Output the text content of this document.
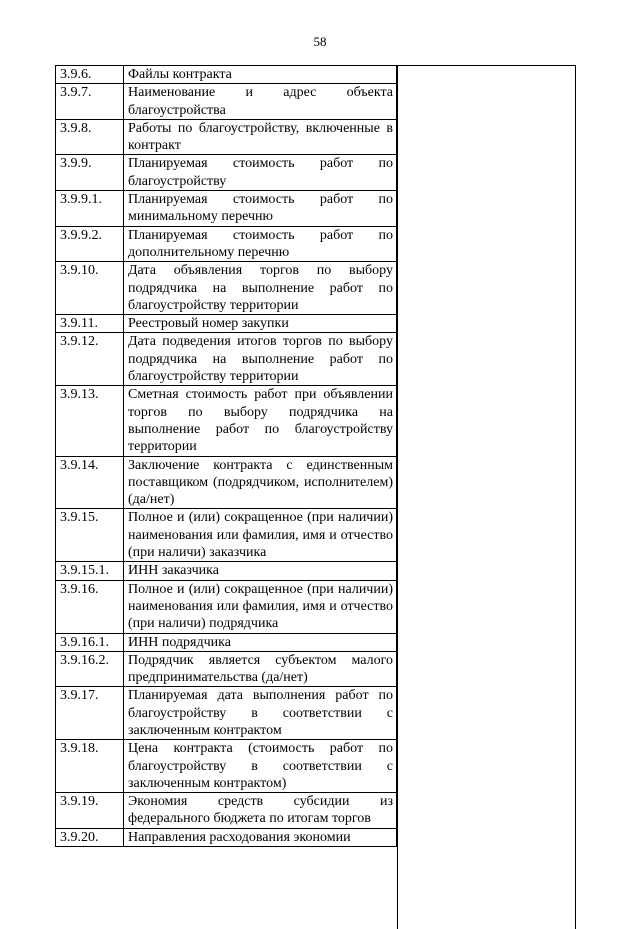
58
3.9.6.	Файлы контракта
3.9.7.	Наименование и адрес объекта благоустройства
3.9.8.	Работы по благоустройству, включенные в контракт
3.9.9.	Планируемая стоимость работ по благоустройству
3.9.9.1.	Планируемая стоимость работ по минимальному перечню
3.9.9.2.	Планируемая стоимость работ по дополнительному перечню
3.9.10.	Дата объявления торгов по выбору подрядчика на выполнение работ по благоустройству территории
3.9.11.	Реестровый номер закупки
3.9.12.	Дата подведения итогов торгов по выбору подрядчика на выполнение работ по благоустройству территории
3.9.13.	Сметная стоимость работ при объявлении торгов по выбору подрядчика на выполнение работ по благоустройству территории
3.9.14.	Заключение контракта с единственным поставщиком (подрядчиком, исполнителем) (да/нет)
3.9.15.	Полное и (или) сокращенное (при наличии) наименования или фамилия, имя и отчество (при наличи) заказчика
3.9.15.1.	ИНН заказчика
3.9.16.	Полное и (или) сокращенное (при наличии) наименования или фамилия, имя и отчество (при наличи) подрядчика
3.9.16.1.	ИНН подрядчика
3.9.16.2.	Подрядчик является субъектом малого предпринимательства (да/нет)
3.9.17.	Планируемая дата выполнения работ по благоустройству в соответствии с заключенным контрактом
3.9.18.	Цена контракта (стоимость работ по благоустройству в соответствии с заключенным контрактом)
3.9.19.	Экономия средств субсидии из федерального бюджета по итогам торгов
3.9.20.	Направления расходования экономии
